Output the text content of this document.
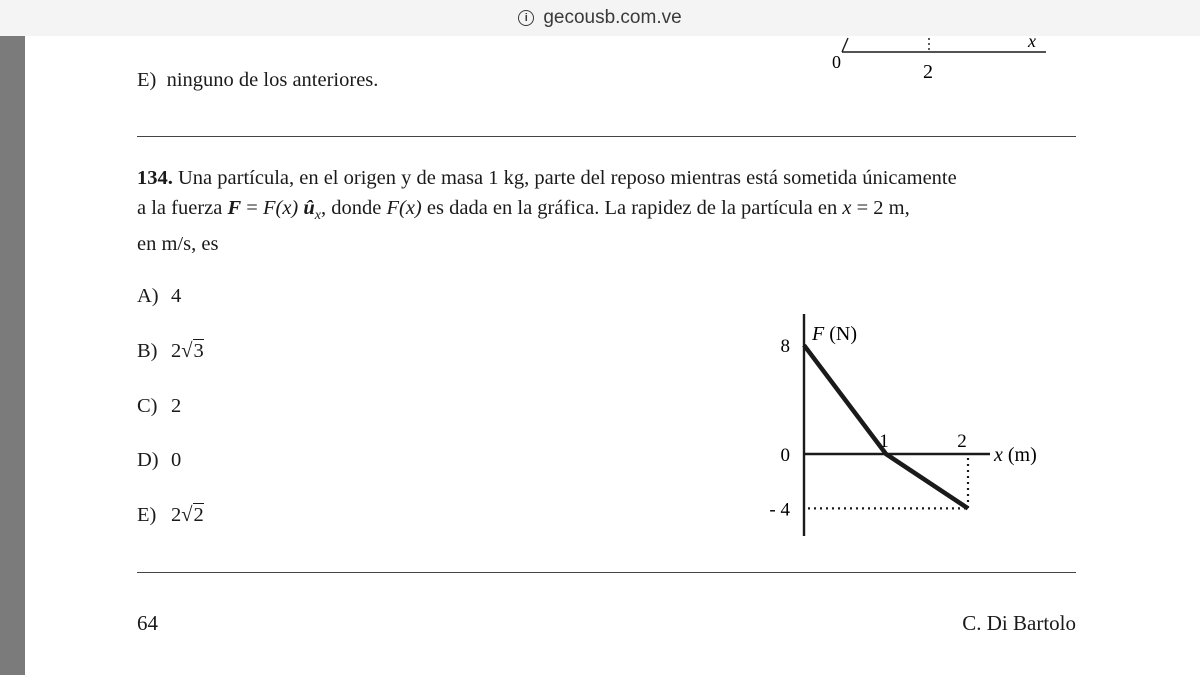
i gecousb.com.ve
E) ninguno de los anteriores.
0	2
x
134. Una partícula, en el origen y de masa 1 kg, parte del reposo mientras está sometida únicamente
a la fuerza F = F(x) $û_x$, donde F(x) es dada en la gráfica. La rapidez de la partícula en x = 2 m,
en m/s, es
A) 4
B) 2√3
C) 2
D) 0
E) 2√2
F (N)
x (m)
8
0
- 4
1	2
64	C. Di Bartolo
